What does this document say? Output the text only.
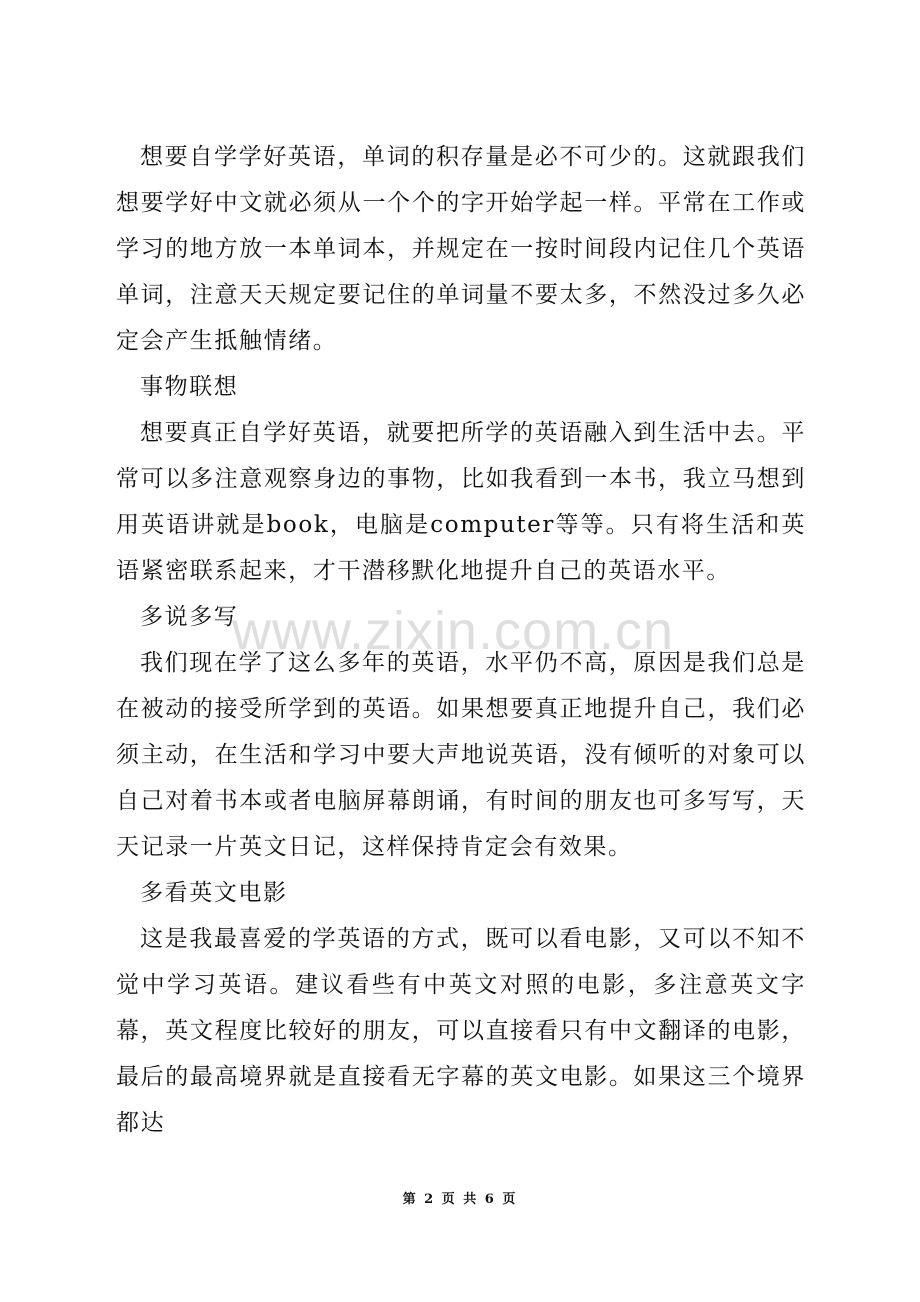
想要自学学好英语，单词的积存量是必不可少的。这就跟我们想要学好中文就必须从一个个的字开始学起一样。平常在工作或学习的地方放一本单词本，并规定在一按时间段内记住几个英语单词，注意天天规定要记住的单词量不要太多，不然没过多久必定会产生抵触情绪。

事物联想

想要真正自学好英语，就要把所学的英语融入到生活中去。平常可以多注意观察身边的事物，比如我看到一本书，我立马想到用英语讲就是book，电脑是computer等等。只有将生活和英语紧密联系起来，才干潜移默化地提升自己的英语水平。

多说多写

我们现在学了这么多年的英语，水平仍不高，原因是我们总是在被动的接受所学到的英语。如果想要真正地提升自己，我们必须主动，在生活和学习中要大声地说英语，没有倾听的对象可以自己对着书本或者电脑屏幕朗诵，有时间的朋友也可多写写，天天记录一片英文日记，这样保持肯定会有效果。

多看英文电影

这是我最喜爱的学英语的方式，既可以看电影，又可以不知不觉中学习英语。建议看些有中英文对照的电影，多注意英文字幕，英文程度比较好的朋友，可以直接看只有中文翻译的电影，最后的最高境界就是直接看无字幕的英文电影。如果这三个境界都达

www.zixin.com.cn
第 2 页 共 6 页
